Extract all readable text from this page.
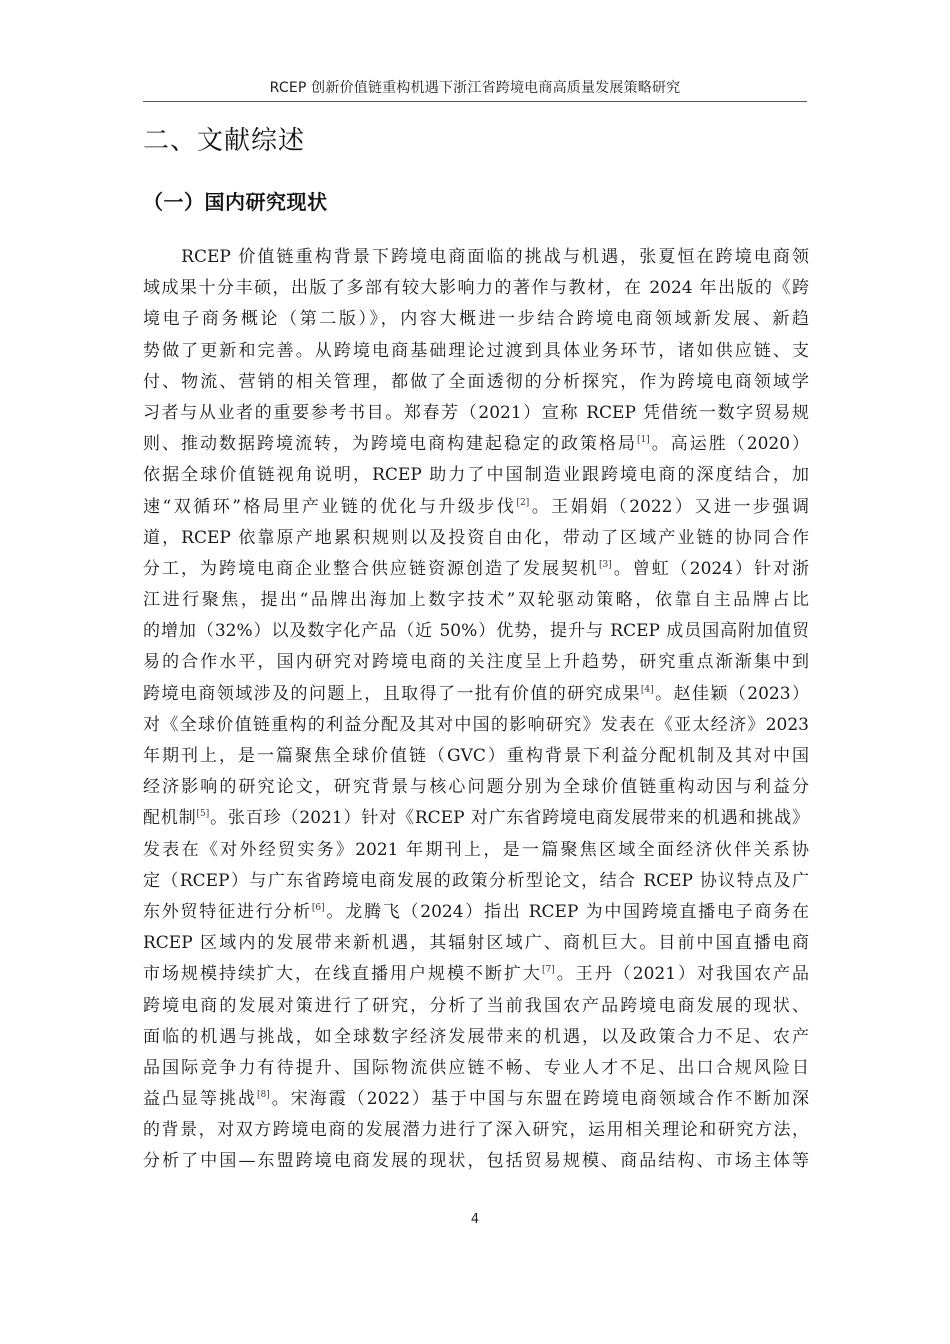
RCEP 创新价值链重构机遇下浙江省跨境电商高质量发展策略研究
二、文献综述
（一）国内研究现状
　　RCEP 价值链重构背景下跨境电商面临的挑战与机遇，张夏恒在跨境电商领
域成果十分丰硕，出版了多部有较大影响力的著作与教材，在 2024 年出版的《跨
境电子商务概论（第二版）》，内容大概进一步结合跨境电商领域新发展、新趋
势做了更新和完善。从跨境电商基础理论过渡到具体业务环节，诸如供应链、支
付、物流、营销的相关管理，都做了全面透彻的分析探究，作为跨境电商领域学
习者与从业者的重要参考书目。郑春芳（2021）宣称 RCEP 凭借统一数字贸易规
则、推动数据跨境流转，为跨境电商构建起稳定的政策格局[1]。高运胜（2020）
依据全球价值链视角说明，RCEP 助力了中国制造业跟跨境电商的深度结合，加
速“双循环”格局里产业链的优化与升级步伐[2]。王娟娟（2022）又进一步强调
道，RCEP 依靠原产地累积规则以及投资自由化，带动了区域产业链的协同合作
分工，为跨境电商企业整合供应链资源创造了发展契机[3]。曾虹（2024）针对浙
江进行聚焦，提出“品牌出海加上数字技术”双轮驱动策略，依靠自主品牌占比
的增加（32%）以及数字化产品（近 50%）优势，提升与 RCEP 成员国高附加值贸
易的合作水平，国内研究对跨境电商的关注度呈上升趋势，研究重点渐渐集中到
跨境电商领域涉及的问题上，且取得了一批有价值的研究成果[4]。赵佳颖（2023）
对《全球价值链重构的利益分配及其对中国的影响研究》发表在《亚太经济》2023
年期刊上，是一篇聚焦全球价值链（GVC）重构背景下利益分配机制及其对中国
经济影响的研究论文，研究背景与核心问题分别为全球价值链重构动因与利益分
配机制[5]。张百珍（2021）针对《RCEP 对广东省跨境电商发展带来的机遇和挑战》
发表在《对外经贸实务》2021 年期刊上，是一篇聚焦区域全面经济伙伴关系协
定（RCEP）与广东省跨境电商发展的政策分析型论文，结合 RCEP 协议特点及广
东外贸特征进行分析[6]。龙腾飞（2024）指出 RCEP 为中国跨境直播电子商务在
RCEP 区域内的发展带来新机遇，其辐射区域广、商机巨大。目前中国直播电商
市场规模持续扩大，在线直播用户规模不断扩大[7]。王丹（2021）对我国农产品
跨境电商的发展对策进行了研究，分析了当前我国农产品跨境电商发展的现状、
面临的机遇与挑战，如全球数字经济发展带来的机遇，以及政策合力不足、农产
品国际竞争力有待提升、国际物流供应链不畅、专业人才不足、出口合规风险日
益凸显等挑战[8]。宋海霞（2022）基于中国与东盟在跨境电商领域合作不断加深
的背景，对双方跨境电商的发展潜力进行了深入研究，运用相关理论和研究方法，
分析了中国—东盟跨境电商发展的现状，包括贸易规模、商品结构、市场主体等
4
